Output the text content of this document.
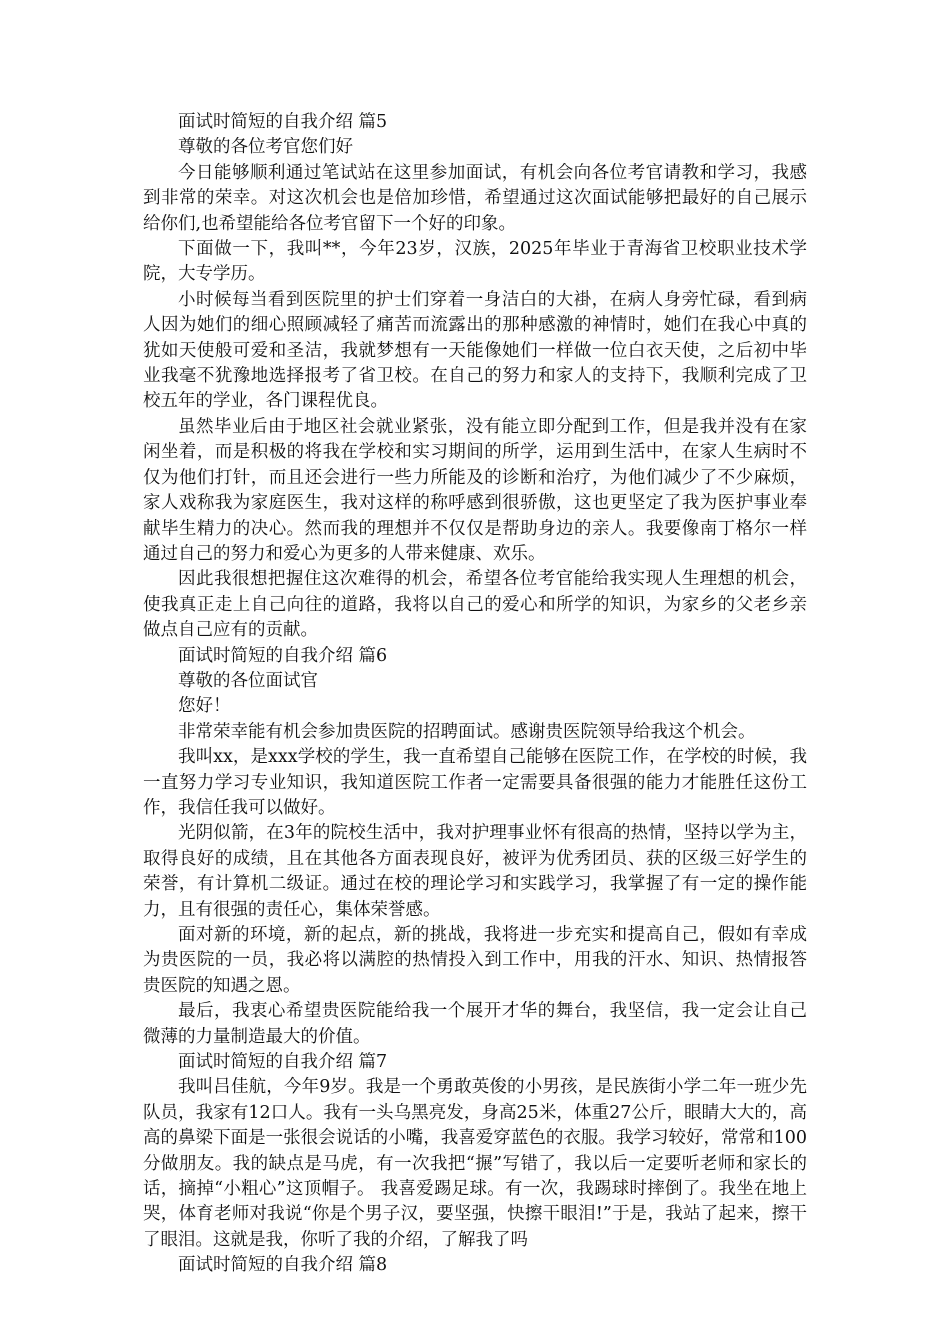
面试时简短的自我介绍 篇5

尊敬的各位考官您们好

今日能够顺利通过笔试站在这里参加面试，有机会向各位考官请教和学习，我感到非常的荣幸。对这次机会也是倍加珍惜，希望通过这次面试能够把最好的自己展示给你们,也希望能给各位考官留下一个好的印象。

下面做一下，我叫**，今年23岁，汉族，2025年毕业于青海省卫校职业技术学院，大专学历。

小时候每当看到医院里的护士们穿着一身洁白的大褂，在病人身旁忙碌，看到病人因为她们的细心照顾减轻了痛苦而流露出的那种感激的神情时，她们在我心中真的犹如天使般可爱和圣洁，我就梦想有一天能像她们一样做一位白衣天使，之后初中毕业我毫不犹豫地选择报考了省卫校。在自己的努力和家人的支持下，我顺利完成了卫校五年的学业，各门课程优良。

虽然毕业后由于地区社会就业紧张，没有能立即分配到工作，但是我并没有在家闲坐着，而是积极的将我在学校和实习期间的所学，运用到生活中，在家人生病时不仅为他们打针，而且还会进行一些力所能及的诊断和治疗，为他们减少了不少麻烦，家人戏称我为家庭医生，我对这样的称呼感到很骄傲，这也更坚定了我为医护事业奉献毕生精力的决心。然而我的理想并不仅仅是帮助身边的亲人。我要像南丁格尔一样通过自己的努力和爱心为更多的人带来健康、欢乐。

因此我很想把握住这次难得的机会，希望各位考官能给我实现人生理想的机会，使我真正走上自己向往的道路，我将以自己的爱心和所学的知识，为家乡的父老乡亲做点自己应有的贡献。

面试时简短的自我介绍 篇6

尊敬的各位面试官

您好！

非常荣幸能有机会参加贵医院的招聘面试。感谢贵医院领导给我这个机会。

我叫xx，是xxx学校的学生，我一直希望自己能够在医院工作，在学校的时候，我一直努力学习专业知识，我知道医院工作者一定需要具备很强的能力才能胜任这份工作，我信任我可以做好。

光阴似箭，在3年的院校生活中，我对护理事业怀有很高的热情，坚持以学为主，取得良好的成绩，且在其他各方面表现良好，被评为优秀团员、获的区级三好学生的荣誉，有计算机二级证。通过在校的理论学习和实践学习，我掌握了有一定的操作能力，且有很强的责任心，集体荣誉感。

面对新的环境，新的起点，新的挑战，我将进一步充实和提高自己，假如有幸成为贵医院的一员，我必将以满腔的热情投入到工作中，用我的汗水、知识、热情报答贵医院的知遇之恩。

最后，我衷心希望贵医院能给我一个展开才华的舞台，我坚信，我一定会让自己微薄的力量制造最大的价值。

面试时简短的自我介绍 篇7

我叫吕佳航，今年9岁。我是一个勇敢英俊的小男孩，是民族街小学二年一班少先队员，我家有12口人。我有一头乌黑亮发，身高25米，体重27公斤，眼睛大大的，高高的鼻梁下面是一张很会说话的小嘴，我喜爱穿蓝色的衣服。我学习较好，常常和100分做朋友。我的缺点是马虎，有一次我把“搌”写错了，我以后一定要听老师和家长的话，摘掉“小粗心”这顶帽子。 我喜爱踢足球。有一次，我踢球时摔倒了。我坐在地上哭，体育老师对我说“你是个男子汉，要坚强，快擦干眼泪!”于是，我站了起来，擦干了眼泪。这就是我，你听了我的介绍，了解我了吗

面试时简短的自我介绍 篇8
